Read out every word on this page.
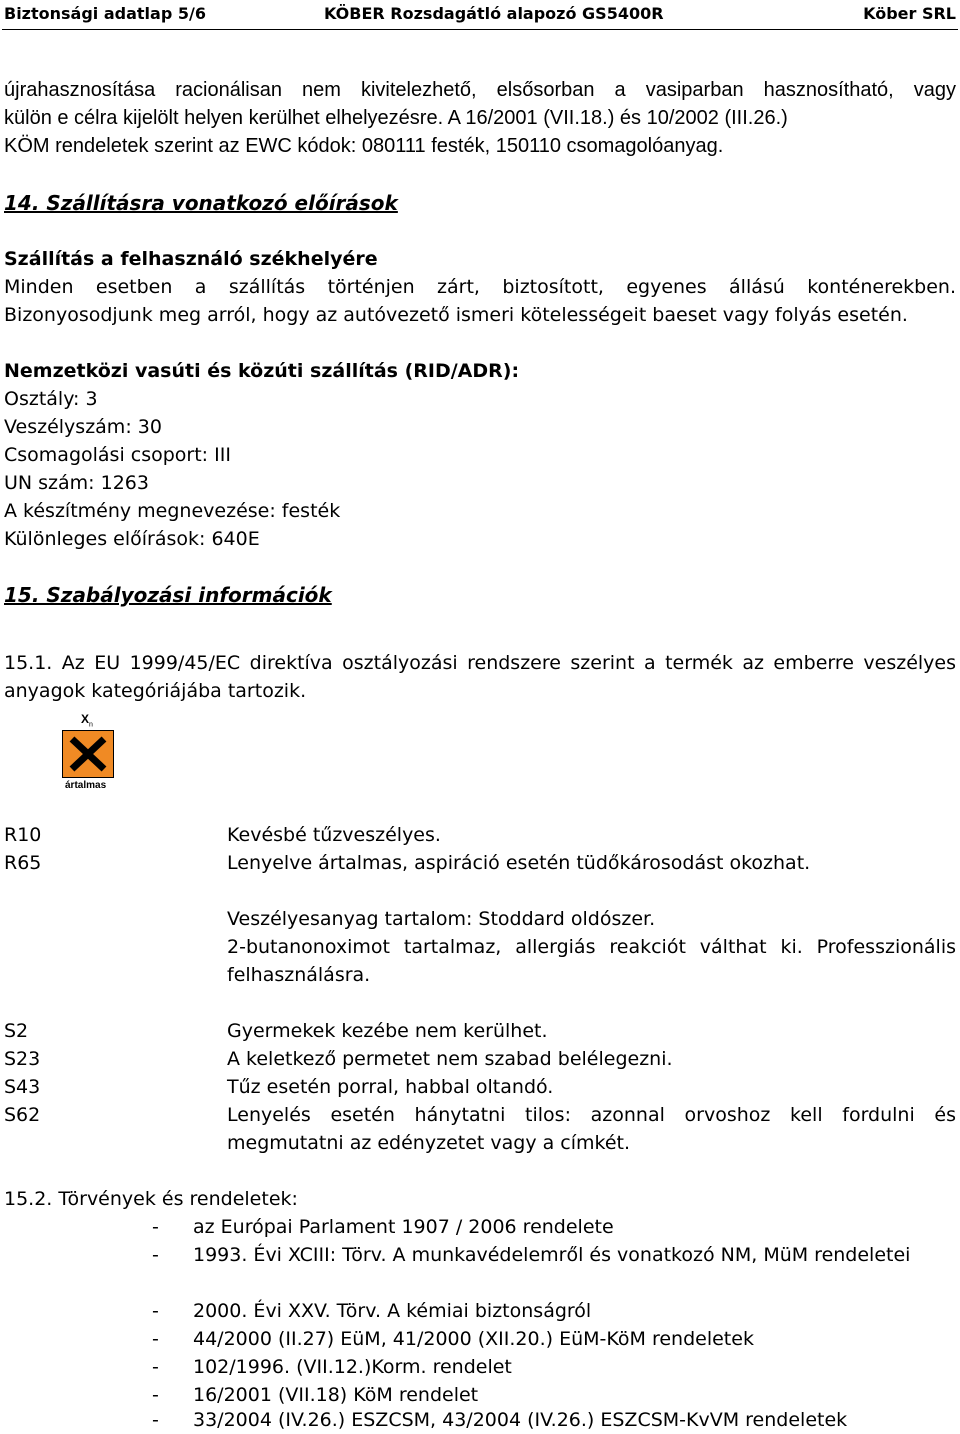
Biztonsági adatlap 5/6	KÖBER Rozsdagátló alapozó GS5400R	Köber SRL
újrahasznosítása racionálisan nem kivitelezhető, elsősorban a vasiparban hasznosítható, vagy
külön e célra kijelölt helyen kerülhet elhelyezésre. A 16/2001 (VII.18.) és 10/2002 (III.26.)
KÖM rendeletek szerint az EWC kódok: 080111 festék, 150110 csomagolóanyag.
14. Szállításra vonatkozó előírások
Szállítás a felhasználó székhelyére
Minden esetben a szállítás történjen zárt, biztosított, egyenes állású konténerekben. Bizonyosodjunk meg arról, hogy az autóvezető ismeri kötelességeit baeset vagy folyás esetén.
Nemzetközi vasúti és közúti szállítás (RID/ADR):
Osztály: 3
Veszélyszám: 30
Csomagolási csoport: III
UN szám: 1263
A készítmény megnevezése: festék
Különleges előírások: 640E
15. Szabályozási információk
15.1. Az EU 1999/45/EC direktíva osztályozási rendszere szerint a termék az emberre veszélyes anyagok kategóriájába tartozik.
$X_n$
ártalmas
R10	Kevésbé tűzveszélyes.
R65	Lenyelve ártalmas, aspiráció esetén tüdőkárosodást okozhat.
Veszélyesanyag tartalom: Stoddard oldószer.
2-butanonoximot tartalmaz, allergiás reakciót válthat ki. Professzionális felhasználásra.
S2	Gyermekek kezébe nem kerülhet.
S23	A keletkező permetet nem szabad belélegezni.
S43	Tűz esetén porral, habbal oltandó.
S62	Lenyelés esetén hánytatni tilos: azonnal orvoshoz kell fordulni és megmutatni az edényzetet vagy a címkét.
15.2. Törvények és rendeletek:
- az Európai Parlament 1907 / 2006 rendelete
- 1993. Évi XCIII: Törv. A munkavédelemről és vonatkozó NM, MüM rendeletei
- 2000. Évi XXV. Törv. A kémiai biztonságról
- 44/2000 (II.27) EüM, 41/2000 (XII.20.) EüM-KöM rendeletek
- 102/1996. (VII.12.)Korm. rendelet
- 16/2001 (VII.18) KöM rendelet
- 33/2004 (IV.26.) ESZCSM, 43/2004 (IV.26.) ESZCSM-KvVM rendeletek
